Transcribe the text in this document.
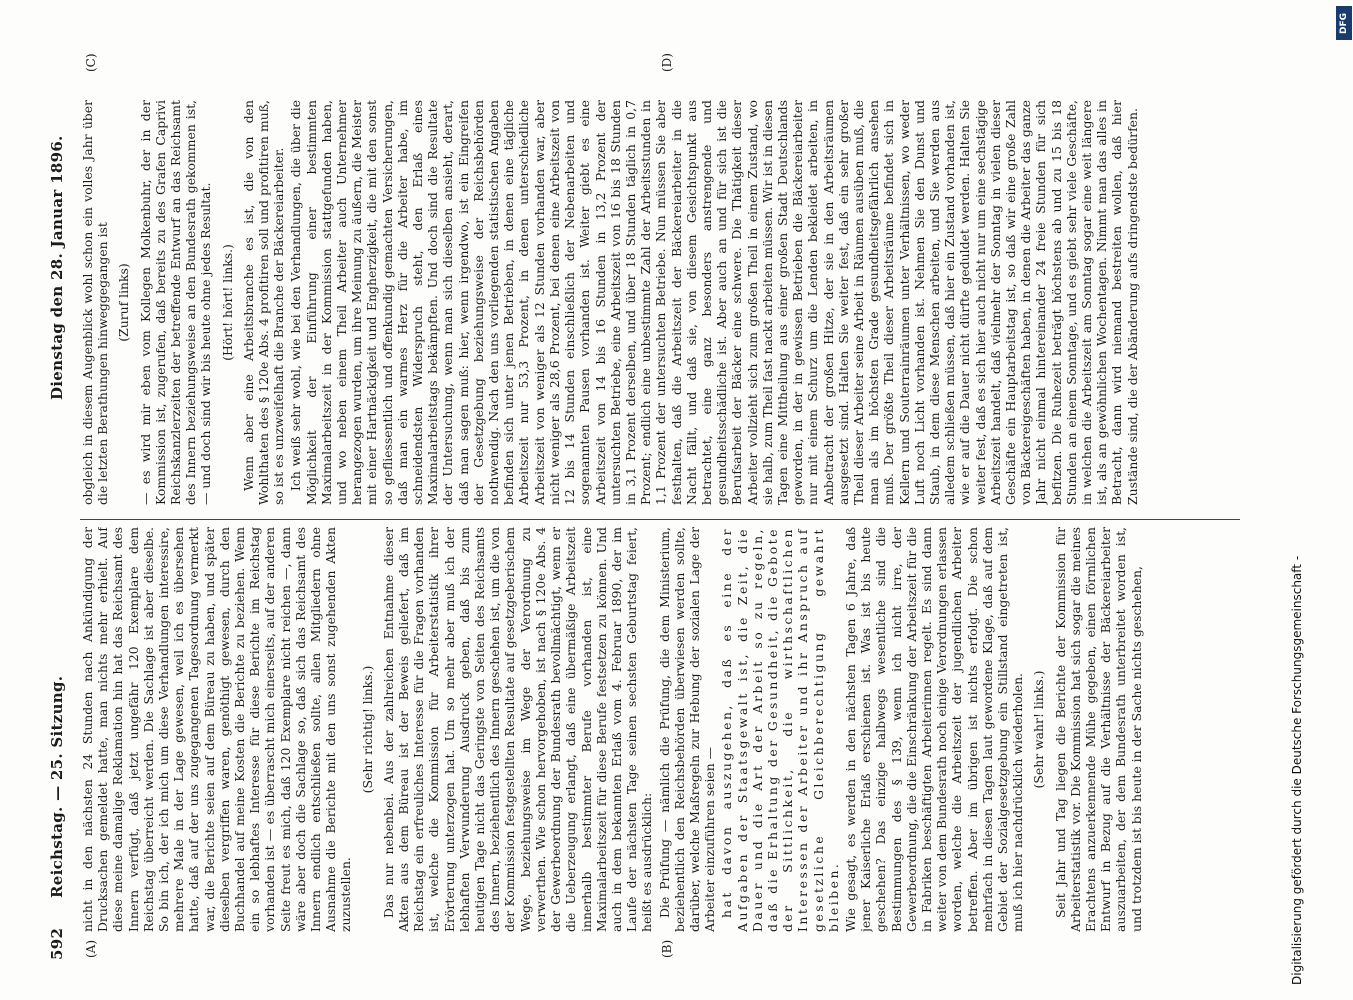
592
Reichstag. — 25. Sitzung.
Dienstag den 28. Januar 1896.
(A)	(B)
(C)	(D)

nicht in den nächsten 24 Stunden nach Ankündigung der Drucksachen gemeldet hatte, man nichts mehr erhielt. Auf diese meine damalige Reklamation hin hat das Reichsamt des Innern verfügt, daß jetzt ungefähr 120 Exemplare dem Reichstag überreicht werden. Die Sachlage ist aber dieselbe. So bin ich, der ich mich um diese Verhandlungen interessire, mehrere Male in der Lage gewesen, weil ich es übersehen hatte, daß auf der uns zugegangenen Tagesordnung vermerkt war, die Berichte seien auf dem Büreau zu haben, und später dieselben vergriffen waren, genöthigt gewesen, durch den Buchhandel auf meine Kosten die Berichte zu beziehen. Wenn ein so lebhaftes Interesse für diese Berichte im Reichstag vorhanden ist — es überrascht mich einerseits, auf der anderen Seite freut es mich, daß 120 Exemplare nicht reichen —, dann wäre aber doch die Sachlage so, daß sich das Reichsamt des Innern endlich entschließen sollte, allen Mitgliedern ohne Ausnahme die Berichte mit den uns sonst zugehenden Akten zuzustellen.

(Sehr richtig! links.) Das nur nebenbei. Aus der zahlreichen Entnahme dieser Akten aus dem Büreau ist der Beweis geliefert, daß im Reichstag ein erfreuliches Interesse für die Fragen vorhanden ist, welche die Kommission für Arbeiterstatistik ihrer Erörterung unterzogen hat. Um so mehr aber muß ich der lebhaften Verwunderung Ausdruck geben, daß bis zum heutigen Tage nicht das Geringste von Seiten des Reichsamts des Innern, beziehentlich des Innern geschehen ist, um die von der Kommission festgestellten Resultate auf gesetzgeberischem Wege, beziehungsweise im Wege der Verordnung zu verwerthen. Wie schon hervorgehoben, ist nach § 120e Abs. 4 der Gewerbeordnung der Bundesrath bevollmächtigt, wenn er die Ueberzeugung erlangt, daß eine übermäßige Arbeitszeit innerhalb bestimmter Berufe vorhanden ist, eine Maximalarbeitszeit für diese Berufe festsetzen zu können. Und auch in dem bekannten Erlaß vom 4. Februar 1890, der im Laufe der nächsten Tage seinen sechsten Geburtstag feiert, heißt es ausdrücklich: Die Prüfung — nämlich die Prüfung, die dem Ministerium, beziehentlich den Reichsbehörden überwiesen werden sollte, darüber, welche Maßregeln zur Hebung der sozialen Lage der Arbeiter einzuführen seien — hat davon auszugehen, daß es eine der Aufgaben der Staatsgewalt ist, die Zeit, die Dauer und die Art der Arbeit so zu regeln, daß die Erhaltung der Gesundheit, die Gebote der Sittlichkeit, die wirthschaftlichen Interessen der Arbeiter und ihr Anspruch auf gesetzliche Gleichberechtigung gewahrt bleiben. Wie gesagt, es werden in den nächsten Tagen 6 Jahre, daß jener Kaiserliche Erlaß erschienen ist. Was ist bis heute geschehen? Das einzige halbwegs wesentliche sind die Bestimmungen des § 139, wenn ich nicht irre, der Gewerbeordnung, die die Einschränkung der Arbeitszeit für die in Fabriken beschäftigten Arbeiterinnen regelt. Es sind dann weiter von dem Bundesrath noch einige Verordnungen erlassen worden, welche die Arbeitszeit der jugendlichen Arbeiter betreffen. Aber im übrigen ist nichts erfolgt. Die schon mehrfach in diesen Tagen laut gewordene Klage, daß auf dem Gebiet der Sozialgesetzgebung ein Stillstand eingetreten ist, muß ich hier nachdrücklich wiederholen. (Sehr wahr! links.) Seit Jahr und Tag liegen die Berichte der Kommission für Arbeiterstatistik vor. Die Kommission hat sich sogar die meines Erachtens anzuerkennende Mühe gegeben, einen förmlichen Entwurf in Bezug auf die Verhältnisse der Bäckereiarbeiter auszuarbeiten, der dem Bundesrath unterbreitet worden ist, und trotzdem ist bis heute in der Sache nichts geschehen,

obgleich in diesem Augenblick wohl schon ein volles Jahr über die letzten Berathungen hinweggegangen ist (Zuruf links) — es wird mir eben vom Kollegen Molkenbuhr, der in der Kommission ist, zugerufen, daß bereits zu des Grafen Caprivi Reichskanzlerzeiten der betreffende Entwurf an das Reichsamt des Innern beziehungsweise an den Bundesrath gekommen ist, — und doch sind wir bis heute ohne jedes Resultat. (Hört! hört! links.) Wenn aber eine Arbeitsbranche es ist, die von den Wohlthaten des § 120e Abs. 4 profitiren soll und profitiren muß, so ist es unzweifelhaft die Branche der Bäckereiarbeiter. Ich weiß sehr wohl, wie bei den Verhandlungen, die über die Möglichkeit der Einführung einer bestimmten Maximalarbeitszeit in der Kommission stattgefunden haben, und wo neben einem Theil Arbeiter auch Unternehmer herangezogen wurden, um ihre Meinung zu äußern, die Meister mit einer Hartnäckigkeit und Engherzigkeit, die mit den sonst so gefliessentlich und offenkundig gemachten Versicherungen, daß man ein warmes Herz für die Arbeiter habe, im schneidendsten Widerspruch steht, den Erlaß eines Maximalarbeitstags bekämpften. Und doch sind die Resultate der Untersuchung, wenn man sich dieselben ansieht, derart, daß man sagen muß: hier, wenn irgendwo, ist ein Eingreifen der Gesetzgebung beziehungsweise der Reichsbehörden nothwendig. Nach den uns vorliegenden statistischen Angaben befinden sich unter jenen Betrieben, in denen eine tägliche Arbeitszeit nur 53,3 Prozent, in denen unterschiedliche Arbeitszeit von weniger als 12 Stunden vorhanden war, aber nicht weniger als 28,6 Prozent, bei denen eine Arbeitszeit von 12 bis 14 Stunden einschließlich der Nebenarbeiten und sogenannten Pausen vorhanden ist. Weiter giebt es eine Arbeitszeit von 14 bis 16 Stunden in 13,2 Prozent der untersuchten Betriebe, eine Arbeitszeit von 16 bis 18 Stunden in 3,1 Prozent derselben, und über 18 Stunden täglich in 0,7 Prozent; endlich eine unbestimmte Zahl der Arbeitsstunden in 1,1 Prozent der untersuchten Betriebe. Nun müssen Sie aber festhalten, daß die Arbeitszeit der Bäckereiarbeiter in die Nacht fällt, und daß sie, von diesem Gesichtspunkt aus betrachtet, eine ganz besonders anstrengende und gesundheitsschädliche ist. Aber auch an und für sich ist die Berufsarbeit der Bäcker eine schwere. Die Thätigkeit dieser Arbeiter vollzieht sich zum großen Theil in einem Zustand, wo sie halb, zum Theil fast nackt arbeiten müssen. Wir ist in diesen Tagen eine Mittheilung aus einer großen Stadt Deutschlands geworden, in der in gewissen Betrieben die Bäckereiarbeiter nur mit einem Schurz um die Lenden bekleidet arbeiten, in Anbetracht der großen Hitze, der sie in den Arbeitsräumen ausgesetzt sind. Halten Sie weiter fest, daß ein sehr großer Theil dieser Arbeiter seine Arbeit in Räumen ausüben muß, die man als im höchsten Grade gesundheitsgefährlich ansehen muß. Der größte Theil dieser Arbeitsräume befindet sich in Kellern und Souterrainräumen unter Verhältnissen, wo weder Luft noch Licht vorhanden ist. Nehmen Sie den Dunst und Staub, in dem diese Menschen arbeiten, und Sie werden aus alledem schließen müssen, daß hier ein Zustand vorhanden ist, wie er auf die Dauer nicht dürfte geduldet werden. Halten Sie weiter fest, daß es sich hier auch nicht nur um eine sechstägige Arbeitszeit handelt, daß vielmehr der Sonntag in vielen dieser Geschäfte ein Hauptarbeitstag ist, so daß wir eine große Zahl von Bäckereigeschäften haben, in denen die Arbeiter das ganze Jahr nicht einmal hintereinander 24 freie Stunden für sich befitzen. Die Ruhezeit beträgt höchstens ab und zu 15 bis 18 Stunden an einem Sonntage, und es giebt sehr viele Geschäfte, in welchen die Arbeitszeit am Sonntag sogar eine weit längere ist, als an gewöhnlichen Wochentagen. Nimmt man das alles in Betracht, dann wird niemand bestreiten wollen, daß hier Zustände sind, die der Abänderung aufs dringendste bedürfen.

Digitalisierung gefördert durch die Deutsche Forschungsgemeinschaft -
DFG
